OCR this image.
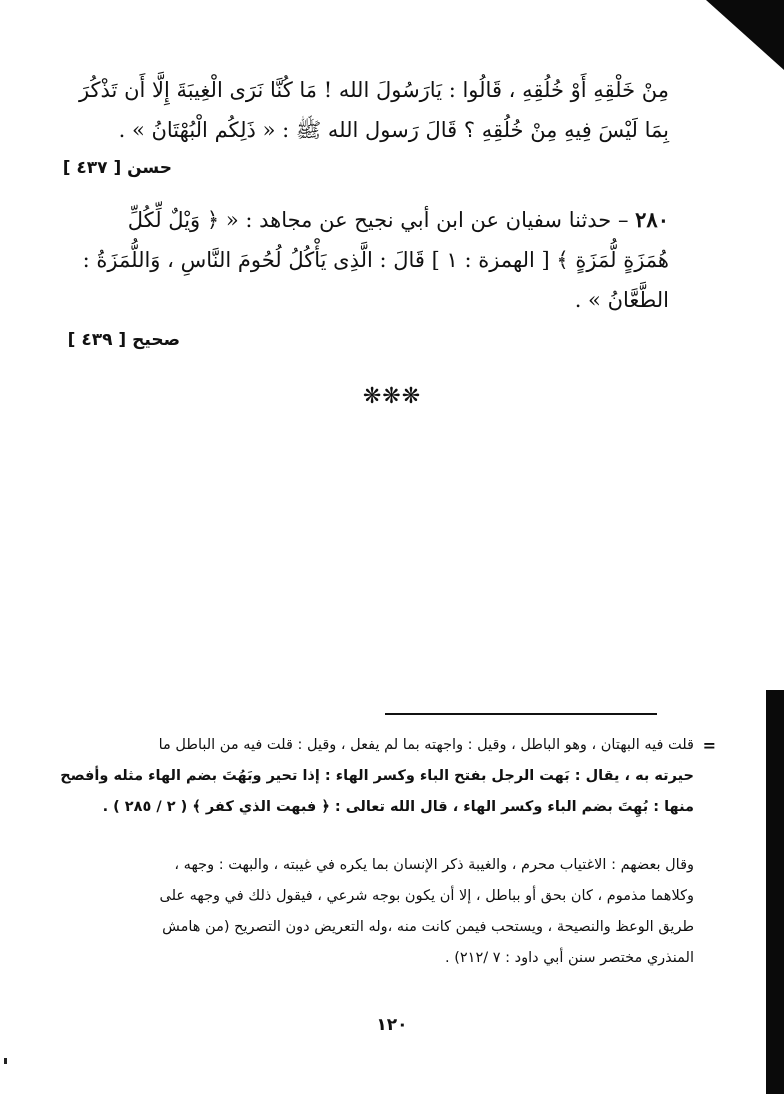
مِنْ خَلْقِهِ أَوْ خُلُقِهِ ، قَالُوا : يَارَسُولَ الله ! مَا كُنَّا نَرَى الْغِيبَةَ إِلَّا أَن تَذْكُرَ
بِمَا لَيْسَ فِيهِ مِنْ خُلُقِهِ ؟ قَالَ رَسول الله ﷺ : « ذَلِكُم الْبُهْتَانُ » .
حسن [ ٤٣٧ ]
٢٨٠ – حدثنا سفيان عن ابن أبي نجيح عن مجاهد : « ﴿ وَيْلٌ لِّكُلِّ
هُمَزَةٍ لُّمَزَةٍ ﴾ [ الهمزة : ١ ] قَالَ : الَّذِى يَأْكُلُ لُحُومَ النَّاسِ ، وَاللُّمَزَةُ :
الطَّعَّانُ » .
صحيح [ ٤٣٩ ]
❋❋❋
=
قلت فيه البهتان ، وهو الباطل ، وقيل : واجهته بما لم يفعل ، وقيل : قلت فيه من الباطل ما
حيرته به ، يقال : بَهت الرجل بفتح الباء وكسر الهاء : إذا تحير وبَهُتَ بضم الهاء مثله وأفصح
منها : بُهِتَ بضم الباء وكسر الهاء ، قال الله تعالى : ﴿ فبهت الذي كفر ﴾ ( ٢ / ٢٨٥ ) .
وقال بعضهم : الاغتياب محرم ، والغيبة ذكر الإنسان بما يكره في غيبته ، والبهت : وجهه ،
وكلاهما مذموم ، كان بحق أو بباطل ، إلا أن يكون بوجه شرعي ، فيقول ذلك في وجهه على
طريق الوعظ والنصيحة ، ويستحب فيمن كانت منه ،وله التعريض دون التصريح (من هامش
المنذري مختصر سنن أبي داود : ٧ /٢١٢) .
١٢٠
